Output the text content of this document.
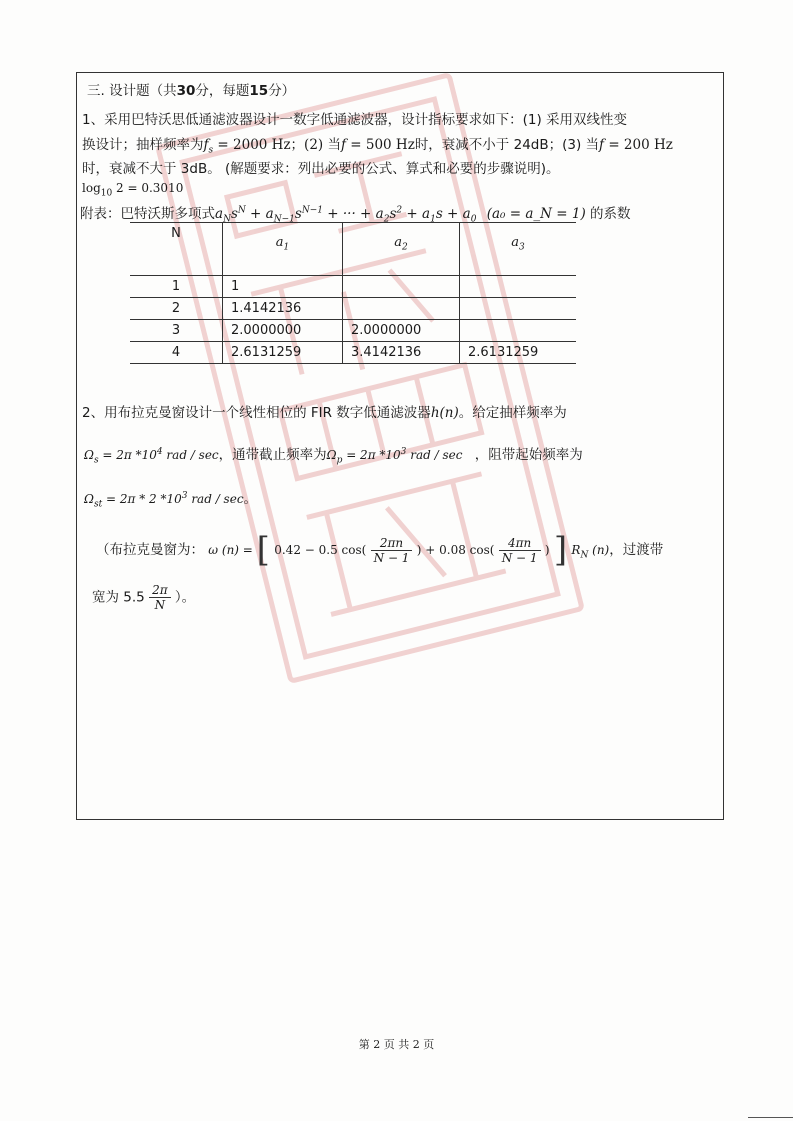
三. 设计题（共30分，每题15分）
1、采用巴特沃思低通滤波器设计一数字低通滤波器，设计指标要求如下：(1) 采用双线性变
换设计；抽样频率为$f_s = 2000$ Hz；(2) 当f = 500 Hz时，衰减不小于 24dB；(3) 当f = 200 Hz
时，衰减不大于 3dB。 (解题要求：列出必要的公式、算式和必要的步骤说明)。
$\log_{10} 2 = 0.3010$
附表：巴特沃斯多项式$a_Ns^N + a_{N-1}s^{N-1}$ + ··· + $a_2s^2 + a_1s + a_0$ (a₀ = a_N = 1) 的系数
N	$a_1$	$a_2$	$a_3$
1	1		
2	1.4142136		
3	2.0000000	2.0000000	
4	2.6131259	3.4142136	2.6131259
2、用布拉克曼窗设计一个线性相位的 FIR 数字低通滤波器h(n)。给定抽样频率为
$\Omega_s = 2\pi$ $*10^4$ rad / sec，通带截止频率为$\Omega_p = 2\pi$ $*10^3$ rad / sec ，阻带起始频率为
$\Omega_{st} = 2\pi * 2$ $*10^3$ rad / sec。
（布拉克曼窗为： ω (n) = [ 0.42 − 0.5 $\cos( \frac{2\pi n}{N - 1}$ ) + 0.08 $\cos( \frac{4\pi n}{N - 1}$ ) ] $R_N$ (n)，过渡带
宽为 $5.5 \frac{2\pi}{N}$ ）。
第 2 页 共 2 页
